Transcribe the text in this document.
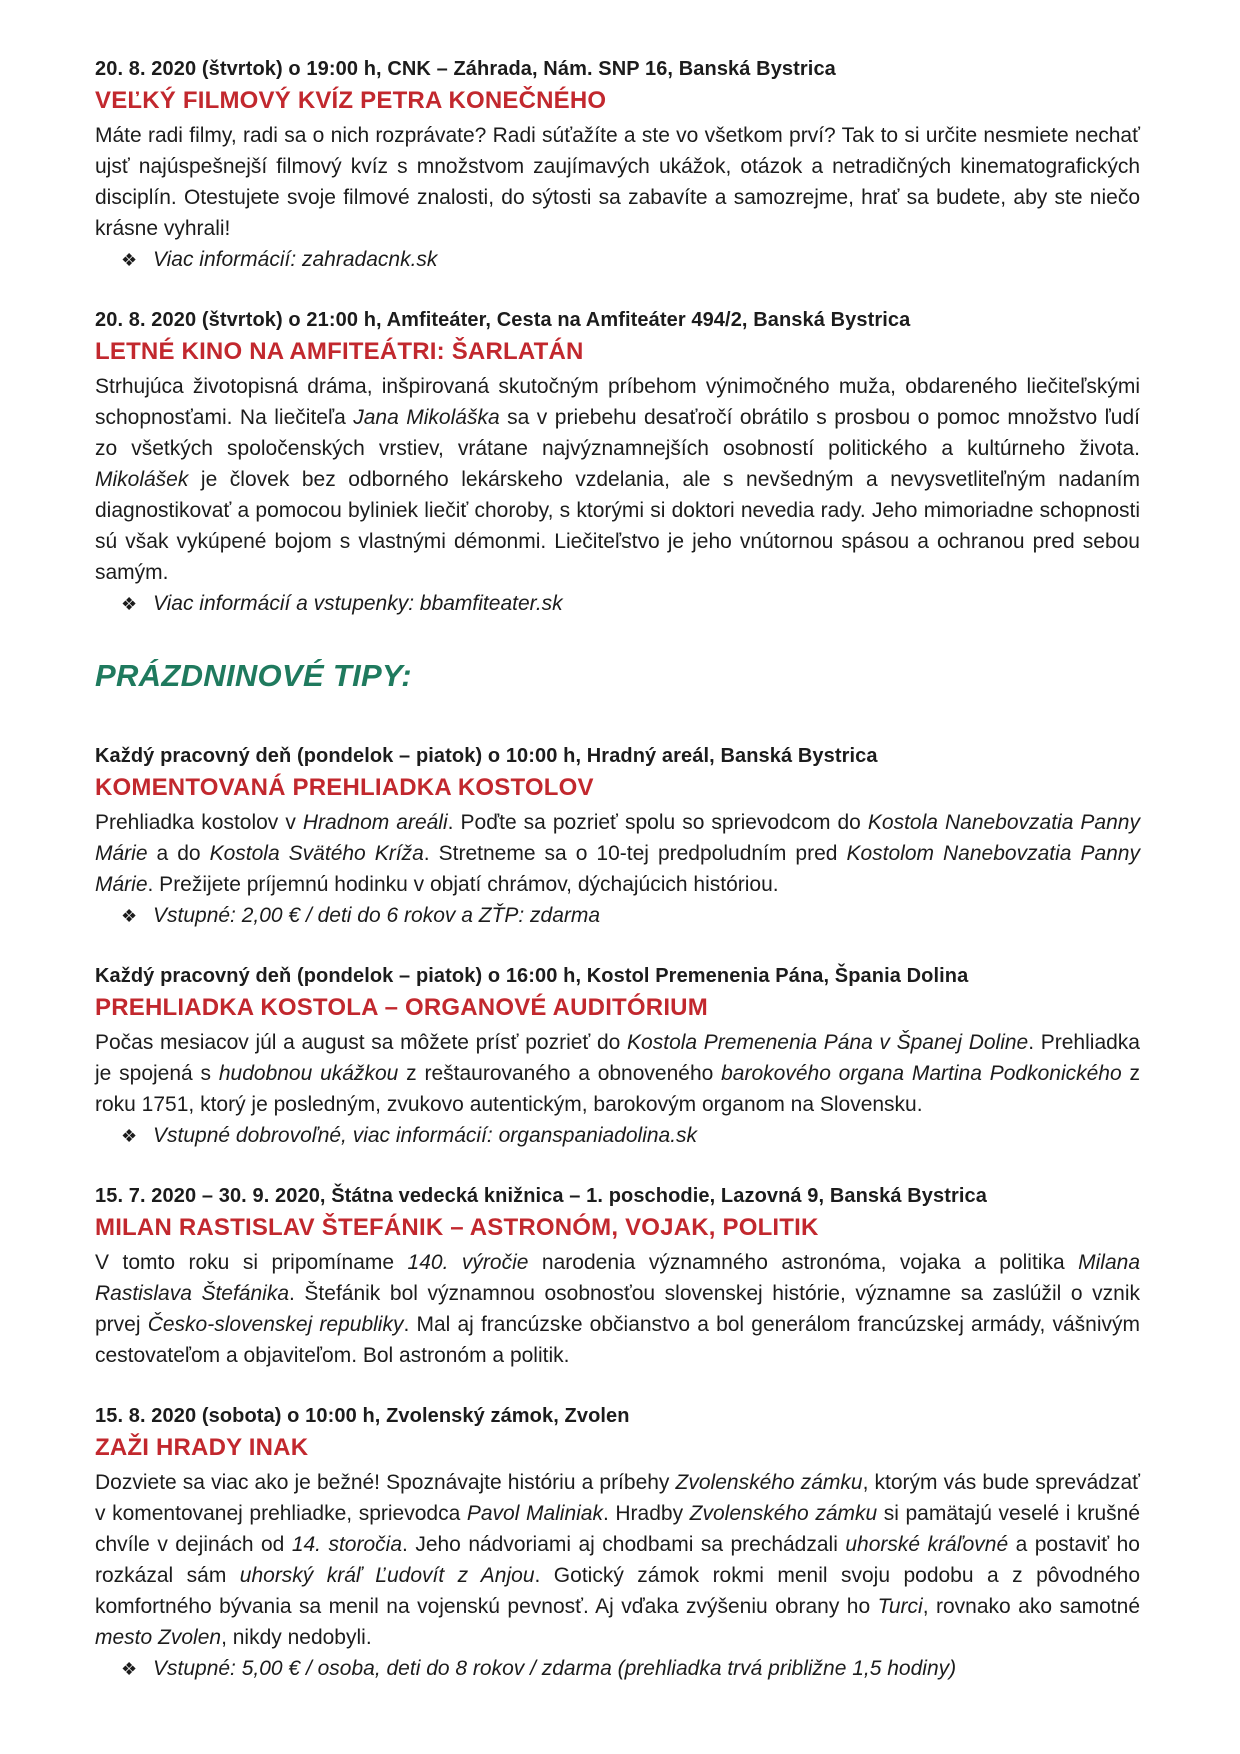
20. 8. 2020 (štvrtok) o 19:00 h, CNK – Záhrada, Nám. SNP 16, Banská Bystrica

VEĽKÝ FILMOVÝ KVÍZ PETRA KONEČNÉHO

Máte radi filmy, radi sa o nich rozprávate? Radi súťažíte a ste vo všetkom prví? Tak to si určite nesmiete nechať ujsť najúspešnejší filmový kvíz s množstvom zaujímavých ukážok, otázok a netradičných kinematografických disciplín. Otestujete svoje filmové znalosti, do sýtosti sa zabavíte a samozrejme, hrať sa budete, aby ste niečo krásne vyhrali!

❖ Viac informácií: zahradacnk.sk

20. 8. 2020 (štvrtok) o 21:00 h, Amfiteáter, Cesta na Amfiteáter 494/2, Banská Bystrica

LETNÉ KINO NA AMFITEÁTRI: ŠARLATÁN

Strhujúca životopisná dráma, inšpirovaná skutočným príbehom výnimočného muža, obdareného liečiteľskými schopnosťami. Na liečiteľa Jana Mikoláška sa v priebehu desaťročí obrátilo s prosbou o pomoc množstvo ľudí zo všetkých spoločenských vrstiev, vrátane najvýznamnejších osobností politického a kultúrneho života. Mikolášek je človek bez odborného lekárskeho vzdelania, ale s nevšedným a nevysvetliteľným nadaním diagnostikovať a pomocou byliniek liečiť choroby, s ktorými si doktori nevedia rady. Jeho mimoriadne schopnosti sú však vykúpené bojom s vlastnými démonmi. Liečiteľstvo je jeho vnútornou spásou a ochranou pred sebou samým.

❖ Viac informácií a vstupenky: bbamfiteater.sk

PRÁZDNINOVÉ TIPY:

Každý pracovný deň (pondelok – piatok) o 10:00 h, Hradný areál, Banská Bystrica

KOMENTOVANÁ PREHLIADKA KOSTOLOV

Prehliadka kostolov v Hradnom areáli. Poďte sa pozrieť spolu so sprievodcom do Kostola Nanebovzatia Panny Márie a do Kostola Svätého Kríža. Stretneme sa o 10-tej predpoludním pred Kostolom Nanebovzatia Panny Márie. Prežijete príjemnú hodinku v objatí chrámov, dýchajúcich históriou.

❖ Vstupné: 2,00 € / deti do 6 rokov a ZŤP: zdarma

Každý pracovný deň (pondelok – piatok) o 16:00 h, Kostol Premenenia Pána, Špania Dolina

PREHLIADKA KOSTOLA – ORGANOVÉ AUDITÓRIUM

Počas mesiacov júl a august sa môžete prísť pozrieť do Kostola Premenenia Pána v Španej Doline. Prehliadka je spojená s hudobnou ukážkou z reštaurovaného a obnoveného barokového organa Martina Podkonického z roku 1751, ktorý je posledným, zvukovo autentickým, barokovým organom na Slovensku.

❖ Vstupné dobrovoľné, viac informácií: organspaniadolina.sk

15. 7. 2020 – 30. 9. 2020, Štátna vedecká knižnica – 1. poschodie, Lazovná 9, Banská Bystrica

MILAN RASTISLAV ŠTEFÁNIK – ASTRONÓM, VOJAK, POLITIK

V tomto roku si pripomíname 140. výročie narodenia významného astronóma, vojaka a politika Milana Rastislava Štefánika. Štefánik bol významnou osobnosťou slovenskej histórie, významne sa zaslúžil o vznik prvej Česko-slovenskej republiky. Mal aj francúzske občianstvo a bol generálom francúzskej armády, vášnivým cestovateľom a objaviteľom. Bol astronóm a politik.

15. 8. 2020 (sobota) o 10:00 h, Zvolenský zámok, Zvolen

ZAŽI HRADY INAK

Dozviete sa viac ako je bežné! Spoznávajte históriu a príbehy Zvolenského zámku, ktorým vás bude sprevádzať v komentovanej prehliadke, sprievodca Pavol Maliniak. Hradby Zvolenského zámku si pamätajú veselé i krušné chvíle v dejinách od 14. storočia. Jeho nádvoriami aj chodbami sa prechádzali uhorské kráľovné a postaviť ho rozkázal sám uhorský kráľ Ľudovít z Anjou. Gotický zámok rokmi menil svoju podobu a z pôvodného komfortného bývania sa menil na vojenskú pevnosť. Aj vďaka zvýšeniu obrany ho Turci, rovnako ako samotné mesto Zvolen, nikdy nedobyli.

❖ Vstupné: 5,00 € / osoba, deti do 8 rokov / zdarma (prehliadka trvá približne 1,5 hodiny)
